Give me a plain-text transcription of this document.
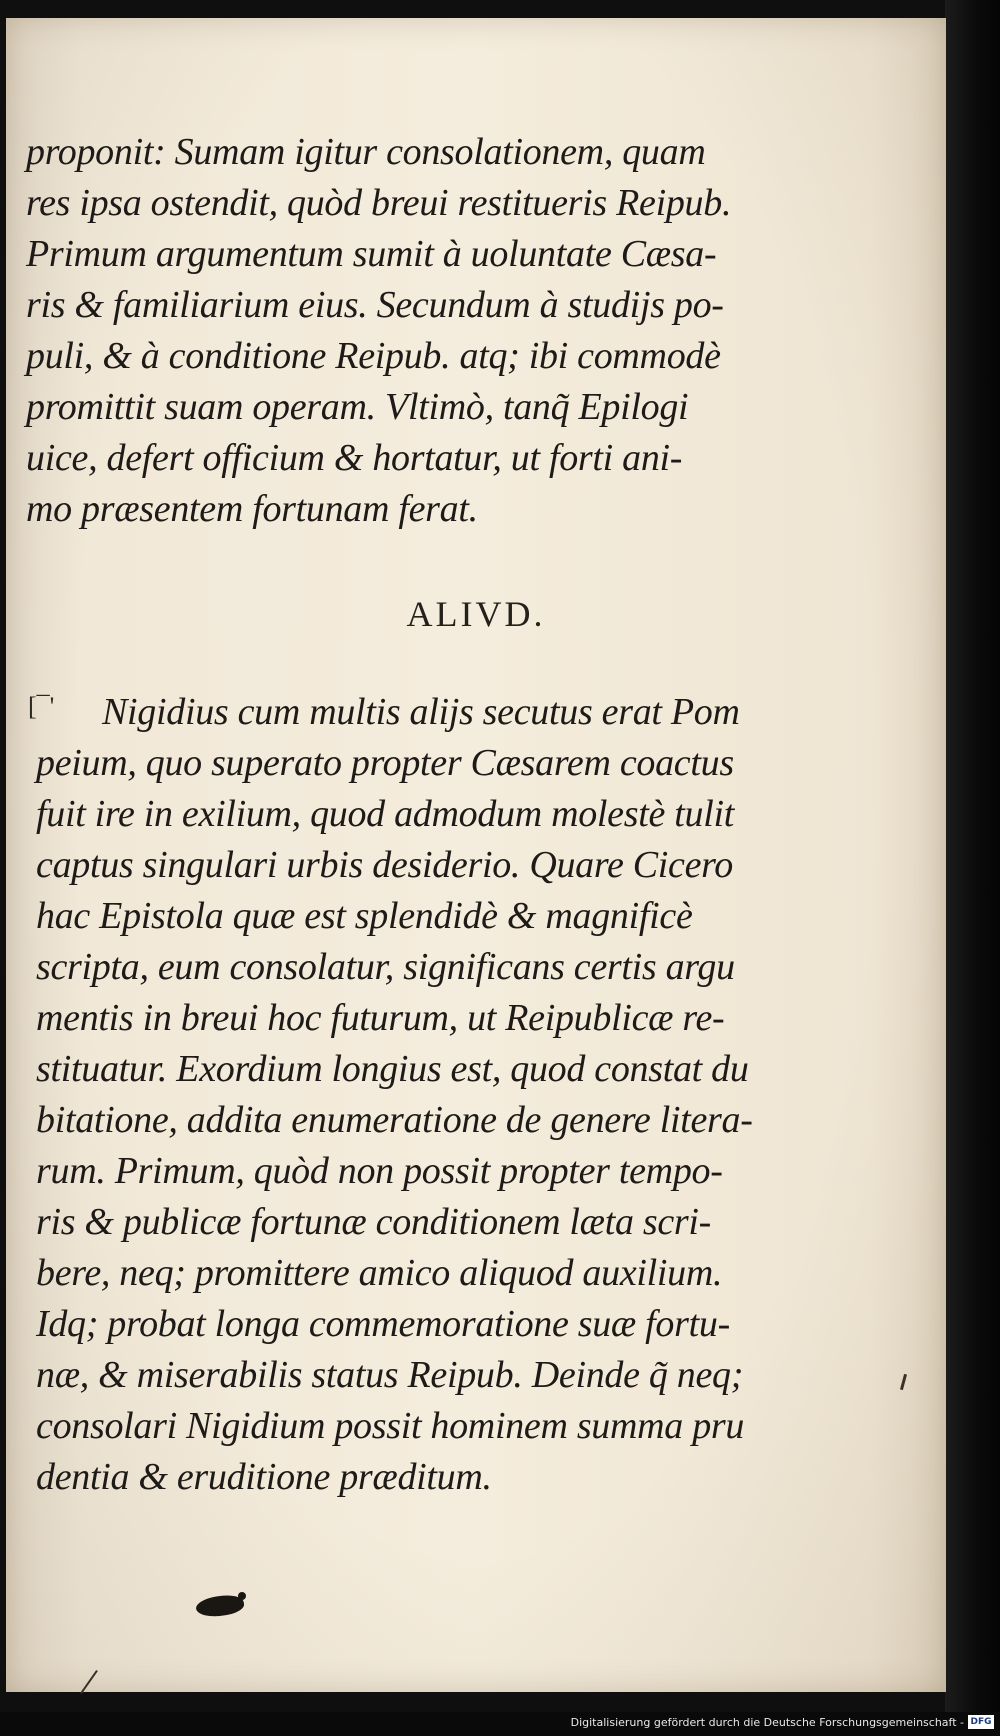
proponit: Sumam igitur consolationem, quam
res ipsa ostendit, quòd breui restitueris Reipub.
Primum argumentum sumit à uoluntate Cæsa-
ris & familiarium eius. Secundum à studijs po-
puli, & à conditione Reipub. atq; ibi commodè
promittit suam operam. Vltimò, tanq̃ Epilogi
uice, defert officium & hortatur, ut forti ani-
mo præsentem fortunam ferat.
ALIVD.
[¯' Nigidius cum multis alijs secutus erat Pom
peium, quo superato propter Cæsarem coactus
fuit ire in exilium, quod admodum molestè tulit
captus singulari urbis desiderio. Quare Cicero
hac Epistola quæ est splendidè & magnificè
scripta, eum consolatur, significans certis argu
mentis in breui hoc futurum, ut Reipublicæ re-
stituatur. Exordium longius est, quod constat du
bitatione, addita enumeratione de genere litera-
rum. Primum, quòd non possit propter tempo-
ris & publicæ fortunæ conditionem læta scri-
bere, neq; promittere amico aliquod auxilium.
Idq; probat longa commemoratione suæ fortu-
næ, & miserabilis status Reipub. Deinde q̃ neq;
consolari Nigidium possit hominem summa pru
dentia & eruditione præditum.
Digitalisierung gefördert durch die Deutsche Forschungsgemeinschaft - DFG
